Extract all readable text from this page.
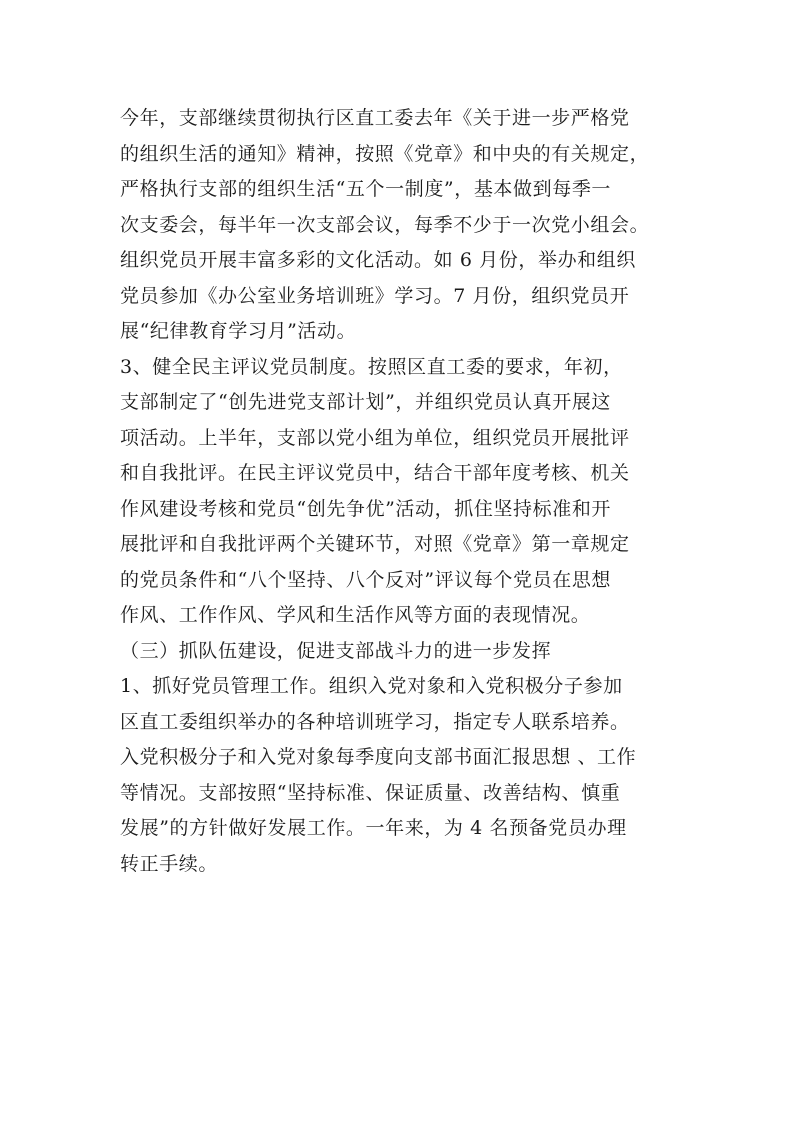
今年，支部继续贯彻执行区直工委去年《关于进一步严格党
的组织生活的通知》精神，按照《党章》和中央的有关规定，
严格执行支部的组织生活“五个一制度”，基本做到每季一
次支委会，每半年一次支部会议，每季不少于一次党小组会。
组织党员开展丰富多彩的文化活动。如 6 月份，举办和组织
党员参加《办公室业务培训班》学习。7 月份，组织党员开
展“纪律教育学习月”活动。
3、健全民主评议党员制度。按照区直工委的要求，年初，
支部制定了“创先进党支部计划”，并组织党员认真开展这
项活动。上半年，支部以党小组为单位，组织党员开展批评
和自我批评。在民主评议党员中，结合干部年度考核、机关
作风建设考核和党员“创先争优”活动，抓住坚持标准和开
展批评和自我批评两个关键环节，对照《党章》第一章规定
的党员条件和“八个坚持、八个反对”评议每个党员在思想
作风、工作作风、学风和生活作风等方面的表现情况。
（三）抓队伍建设，促进支部战斗力的进一步发挥
1、抓好党员管理工作。组织入党对象和入党积极分子参加
区直工委组织举办的各种培训班学习，指定专人联系培养。
入党积极分子和入党对象每季度向支部书面汇报思想 、工作
等情况。支部按照“坚持标准、保证质量、改善结构、慎重
发展”的方针做好发展工作。一年来，为 4 名预备党员办理
转正手续。
